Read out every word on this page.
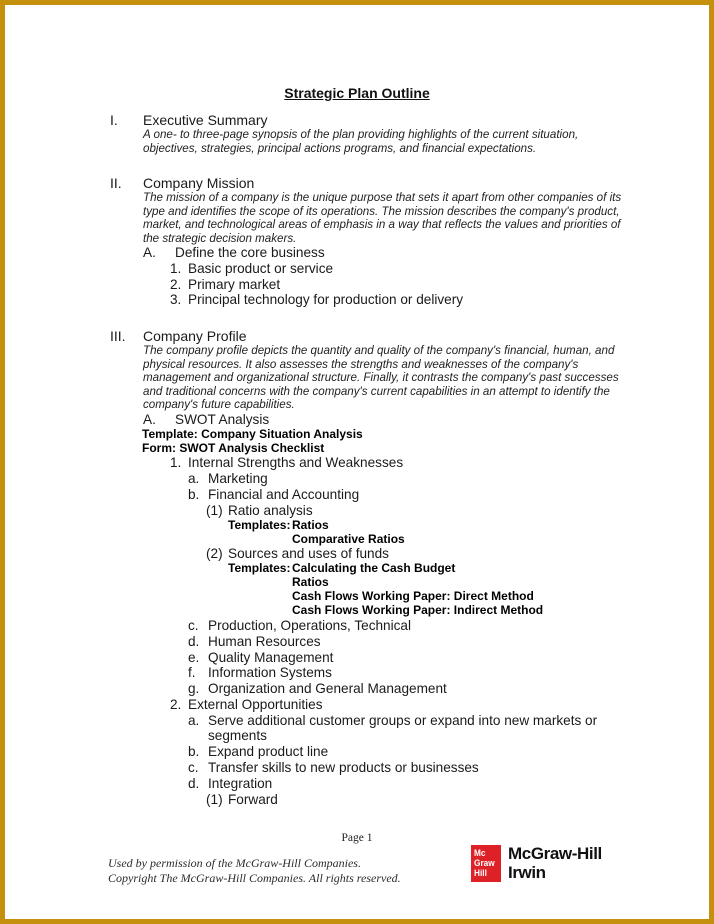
Strategic Plan Outline
I.	Executive Summary
A one- to three-page synopsis of the plan providing highlights of the current situation, objectives, strategies, principal actions programs, and financial expectations.
II.	Company Mission
The mission of a company is the unique purpose that sets it apart from other companies of its type and identifies the scope of its operations. The mission describes the company's product, market, and technological areas of emphasis in a way that reflects the values and priorities of the strategic decision makers.
A.	Define the core business
1. Basic product or service
2. Primary market
3. Principal technology for production or delivery
III.	Company Profile
The company profile depicts the quantity and quality of the company's financial, human, and physical resources. It also assesses the strengths and weaknesses of the company's management and organizational structure. Finally, it contrasts the company's past successes and traditional concerns with the company's current capabilities in an attempt to identify the company's future capabilities.
A.	SWOT Analysis
Template: Company Situation Analysis
Form: SWOT Analysis Checklist
1. Internal Strengths and Weaknesses
a. Marketing
b. Financial and Accounting
(1) Ratio analysis
Templates: Ratios
Comparative Ratios
(2) Sources and uses of funds
Templates: Calculating the Cash Budget
Ratios
Cash Flows Working Paper: Direct Method
Cash Flows Working Paper: Indirect Method
c. Production, Operations, Technical
d. Human Resources
e. Quality Management
f. Information Systems
g. Organization and General Management
2. External Opportunities
a. Serve additional customer groups or expand into new markets or segments
b. Expand product line
c. Transfer skills to new products or businesses
d. Integration
(1) Forward
Page 1
Used by permission of the McGraw-Hill Companies.
Copyright The McGraw-Hill Companies. All rights reserved.
Mc
Graw
Hill
McGraw-Hill
Irwin
